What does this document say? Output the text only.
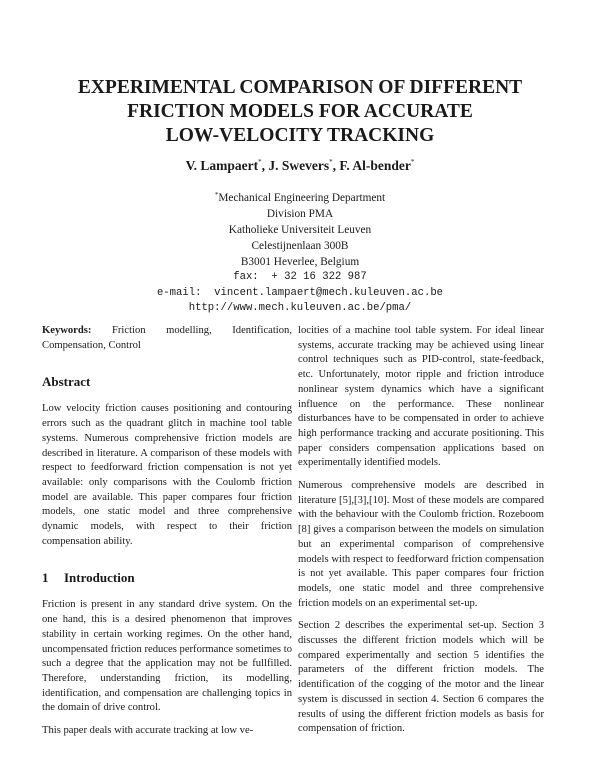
EXPERIMENTAL COMPARISON OF DIFFERENT
FRICTION MODELS FOR ACCURATE
LOW-VELOCITY TRACKING
V. Lampaert*, J. Swevers*, F. Al-bender*
*Mechanical Engineering Department
Division PMA
Katholieke Universiteit Leuven
Celestijnenlaan 300B
B3001 Heverlee, Belgium
fax:  + 32 16 322 987
e-mail:  vincent.lampaert@mech.kuleuven.ac.be
http://www.mech.kuleuven.ac.be/pma/

Keywords: Friction modelling, Identification, Compensation, Control

Abstract

Low velocity friction causes positioning and contouring errors such as the quadrant glitch in machine tool table systems. Numerous comprehensive friction models are described in literature. A comparison of these models with respect to feedforward friction compensation is not yet available: only comparisons with the Coulomb friction model are available. This paper compares four friction models, one static model and three comprehensive dynamic models, with respect to their friction compensation ability.

1 Introduction

Friction is present in any standard drive system. On the one hand, this is a desired phenomenon that improves stability in certain working regimes. On the other hand, uncompensated friction reduces performance sometimes to such a degree that the application may not be fullfilled. Therefore, understanding friction, its modelling, identification, and compensation are challenging topics in the domain of drive control.

This paper deals with accurate tracking at low ve-

locities of a machine tool table system. For ideal linear systems, accurate tracking may be achieved using linear control techniques such as PID-control, state-feedback, etc. Unfortunately, motor ripple and friction introduce nonlinear system dynamics which have a significant influence on the performance. These nonlinear disturbances have to be compensated in order to achieve high performance tracking and accurate positioning. This paper considers compensation applications based on experimentally identified models.

Numerous comprehensive models are described in literature [5],[3],[10]. Most of these models are compared with the behaviour with the Coulomb friction. Rozeboom [8] gives a comparison between the models on simulation but an experimental comparison of comprehensive models with respect to feedforward friction compensation is not yet available. This paper compares four friction models, one static model and three comprehensive friction models on an experimental set-up.

Section 2 describes the experimental set-up. Section 3 discusses the different friction models which will be compared experimentally and section 5 identifies the parameters of the different friction models. The identification of the cogging of the motor and the linear system is discussed in section 4. Section 6 compares the results of using the different friction models as basis for compensation of friction.
